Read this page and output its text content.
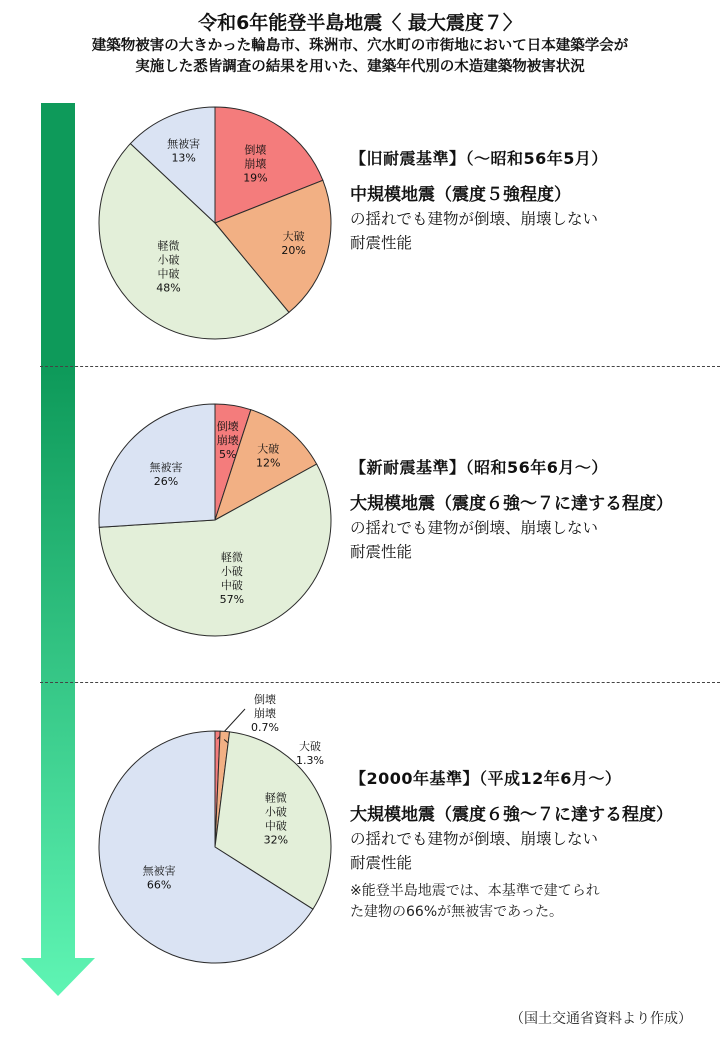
令和6年能登半島地震〈 最大震度７〉
建築物被害の大きかった輪島市、珠洲市、穴水町の市街地において日本建築学会が
実施した悉皆調査の結果を用いた、建築年代別の木造建築物被害状況
倒壊
崩壊
19%
大破
20%
軽微
小破
中破
48%
無被害
13%	【旧耐震基準】（～昭和56年5月）
中規模地震（震度５強程度）
の揺れでも建物が倒壊、崩壊しない
耐震性能
倒壊
崩壊
5% 大破
12%
軽微
小破
中破
57%
無被害
26%
【新耐震基準】（昭和56年6月～）
大規模地震（震度６強～７に達する程度）
の揺れでも建物が倒壊、崩壊しない
耐震性能
倒壊
崩壊
0.7%
大破
1.3%
軽微
小破
中破
32%
無被害
66%
【2000年基準】（平成12年6月～）
大規模地震（震度６強～７に達する程度）
の揺れでも建物が倒壊、崩壊しない
耐震性能
※能登半島地震では、本基準で建てられ
た建物の66%が無被害であった。
（国土交通省資料より作成）
